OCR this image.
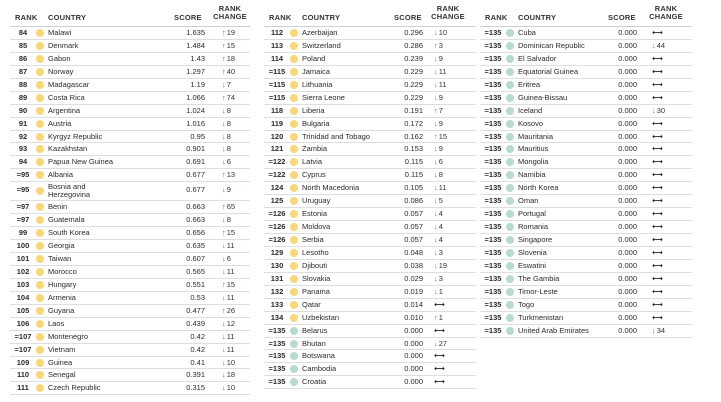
RANK COUNTRY	SCORE
RANK
CHANGE
84	Malawi	1.635 ↑19
85	Denmark	1.484 ↑15
86	Gabon	1.43 ↑18
87	Norway	1.297 ↑40
88	Madagascar	1.19 ↓7
89	Costa Rica	1.066 ↑74
90	Argentina	1.024 ↓8
91	Austria	1.016 ↓8
92	Kyrgyz Republic	0.95 ↓8
93	Kazakhstan	0.901 ↓8
94	Papua New Guinea	0.691 ↓6
=95	Albania	0.677 ↑13
=95	Bosnia and Herzegovina
0.677 ↓9
=97	Benin	0.663 ↑65
=97	Guatemala	0.663 ↓8
99	South Korea	0.656 ↑15
100	Georgia	0.635 ↓11
101	Taiwan	0.607 ↓6
102	Morocco	0.565 ↓11
103	Hungary	0.551 ↑15
104	Armenia	0.53 ↓11
105	Guyana	0.477 ↑26
106	Laos	0.439 ↓12
=107	Montenegro	0.42 ↓11
=107	Vietnam	0.42 ↓11
109	Guinea	0.41 ↓10
110	Senegal	0.391 ↓18
111	Czech Republic	0.315 ↓10
RANK COUNTRY	SCORE
RANK
CHANGE
112	Azerbaijan	0.296 ↓10
113	Switzerland	0.286 ↑3
114	Poland	0.239 ↓9
=115	Jamaica	0.229 ↓11
=115	Lithuania	0.229 ↓11
=115	Sierra Leone	0.229 ↓9
118	Liberia	0.191 ↑7
119	Bulgaria	0.172 ↓9
120	Trinidad and Tobago	0.162 ↑15
121	Zambia	0.153 ↓9
=122	Latvia	0.115 ↓6
=122	Cyprus	0.115 ↓8
124	North Macedonia	0.105 ↓11
125	Uruguay	0.086 ↓5
=126	Estonia	0.057 ↓4
=126	Moldova	0.057 ↓4
=126	Serbia	0.057 ↓4
129	Lesotho	0.048 ↓3
130	Djibouti	0.038 ↓19
131	Slovakia	0.029 ↓3
132	Panama	0.019 ↓1
133	Qatar	0.014 ⟷
134	Uzbekistan	0.010 ↑1
=135	Belarus	0.000 ⟷
=135	Bhutan	0.000 ↓27
=135	Botswana	0.000 ⟷
=135	Cambodia	0.000 ⟷
=135	Croatia	0.000 ⟷
RANK COUNTRY	SCORE
RANK
CHANGE
=135	Cuba	0.000 ⟷
=135	Dominican Republic	0.000 ↓44
=135	El Salvador	0.000 ⟷
=135	Equatorial Guinea	0.000 ⟷
=135	Eritrea	0.000 ⟷
=135	Guinea-Bissau	0.000 ⟷
=135	Iceland	0.000 ↓30
=135	Kosovo	0.000 ⟷
=135	Mauritania	0.000 ⟷
=135	Mauritius	0.000 ⟷
=135	Mongolia	0.000 ⟷
=135	Namibia	0.000 ⟷
=135	North Korea	0.000 ⟷
=135	Oman	0.000 ⟷
=135	Portugal	0.000 ⟷
=135	Romania	0.000 ⟷
=135	Singapore	0.000 ⟷
=135	Slovenia	0.000 ⟷
=135	Eswatini	0.000 ⟷
=135	The Gambia	0.000 ⟷
=135	Timor-Leste	0.000 ⟷
=135	Togo	0.000 ⟷
=135	Turkmenistan	0.000 ⟷
=135	United Arab Emirates	0.000 ↓34
